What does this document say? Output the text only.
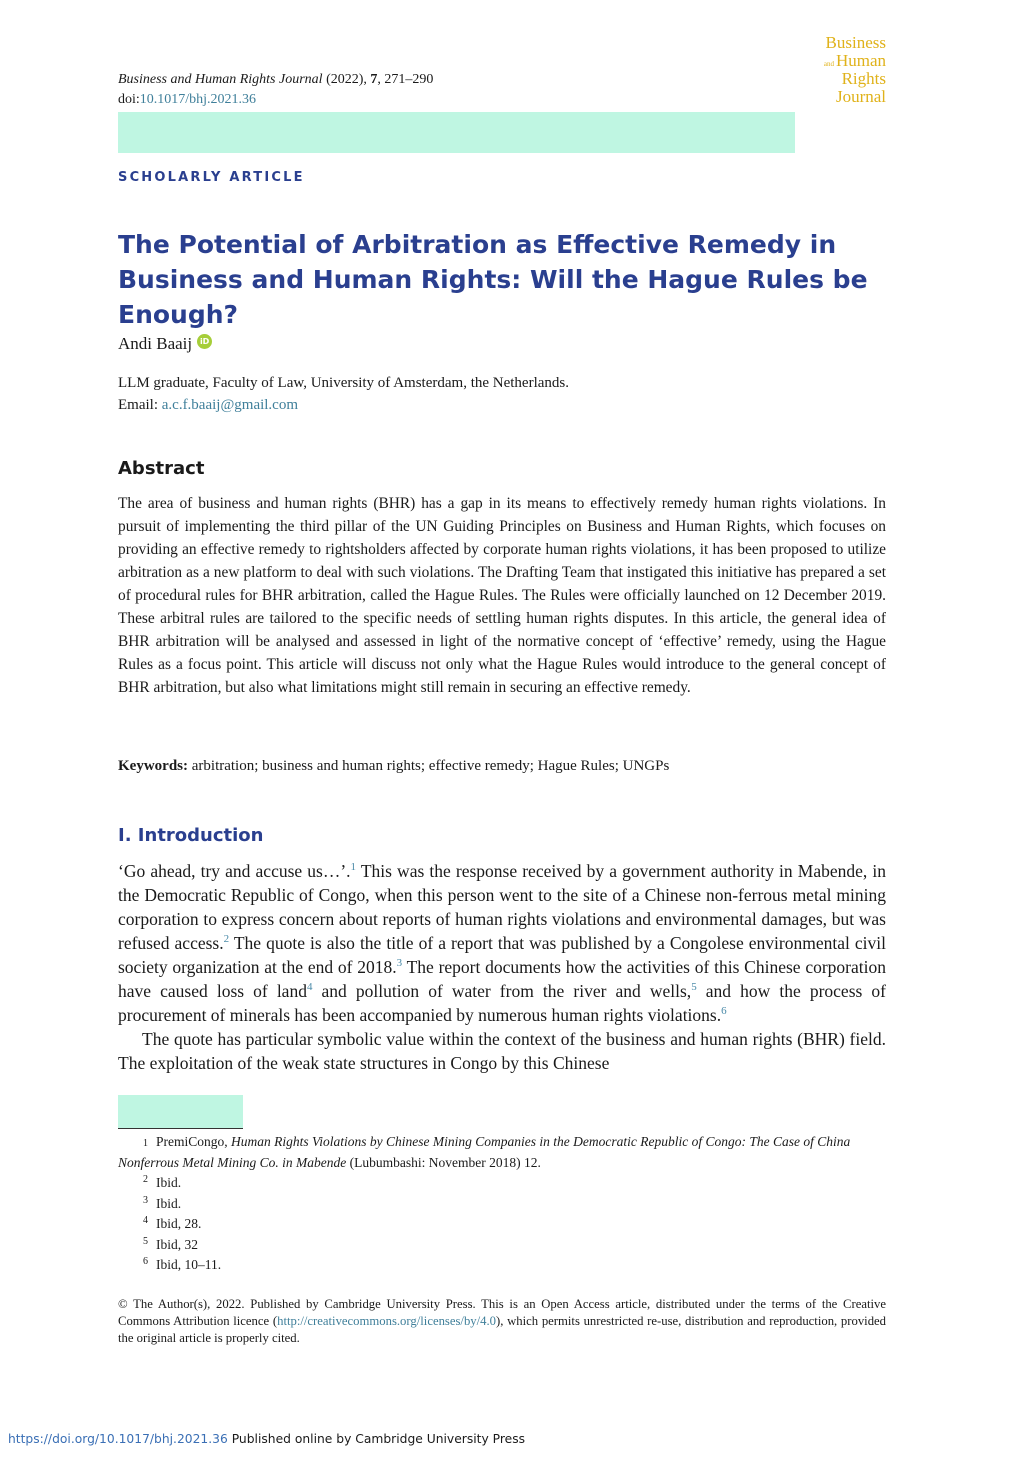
Business and Human Rights Journal (2022), 7, 271–290
doi:10.1017/bhj.2021.36
Business
and Human
Rights
Journal
SCHOLARLY ARTICLE
The Potential of Arbitration as Effective Remedy in Business and Human Rights: Will the Hague Rules be Enough?
Andi Baaij iD
LLM graduate, Faculty of Law, University of Amsterdam, the Netherlands.
Email: a.c.f.baaij@gmail.com
Abstract
The area of business and human rights (BHR) has a gap in its means to effectively remedy human rights violations. In pursuit of implementing the third pillar of the UN Guiding Principles on Business and Human Rights, which focuses on providing an effective remedy to rightsholders affected by corporate human rights violations, it has been proposed to utilize arbitration as a new platform to deal with such violations. The Drafting Team that instigated this initiative has prepared a set of procedural rules for BHR arbitration, called the Hague Rules. The Rules were officially launched on 12 December 2019. These arbitral rules are tailored to the specific needs of settling human rights disputes. In this article, the general idea of BHR arbitration will be analysed and assessed in light of the normative concept of ‘effective’ remedy, using the Hague Rules as a focus point. This article will discuss not only what the Hague Rules would introduce to the general concept of BHR arbitration, but also what limitations might still remain in securing an effective remedy.
Keywords: arbitration; business and human rights; effective remedy; Hague Rules; UNGPs
I. Introduction

‘Go ahead, try and accuse us…’.$^1$ This was the response received by a government authority in Mabende, in the Democratic Republic of Congo, when this person went to the site of a Chinese non-ferrous metal mining corporation to express concern about reports of human rights violations and environmental damages, but was refused access.$^2$ The quote is also the title of a report that was published by a Congolese environmental civil society organization at the end of 2018.$^3$ The report documents how the activities of this Chinese corporation have caused loss of land$^4$ and pollution of water from the river and wells,$^5$ and how the process of procurement of minerals has been accompanied by numerous human rights violations.$^6$

The quote has particular symbolic value within the context of the business and human rights (BHR) field. The exploitation of the weak state structures in Congo by this Chinese

1 PremiCongo, Human Rights Violations by Chinese Mining Companies in the Democratic Republic of Congo: The Case of China Nonferrous Metal Mining Co. in Mabende (Lubumbashi: November 2018) 12.
2 Ibid.
3 Ibid.
4 Ibid, 28.
5 Ibid, 32
6 Ibid, 10–11.
© The Author(s), 2022. Published by Cambridge University Press. This is an Open Access article, distributed under the terms of the Creative Commons Attribution licence (http://creativecommons.org/licenses/by/4.0), which permits unrestricted re-use, distribution and reproduction, provided the original article is properly cited.
https://doi.org/10.1017/bhj.2021.36 Published online by Cambridge University Press
